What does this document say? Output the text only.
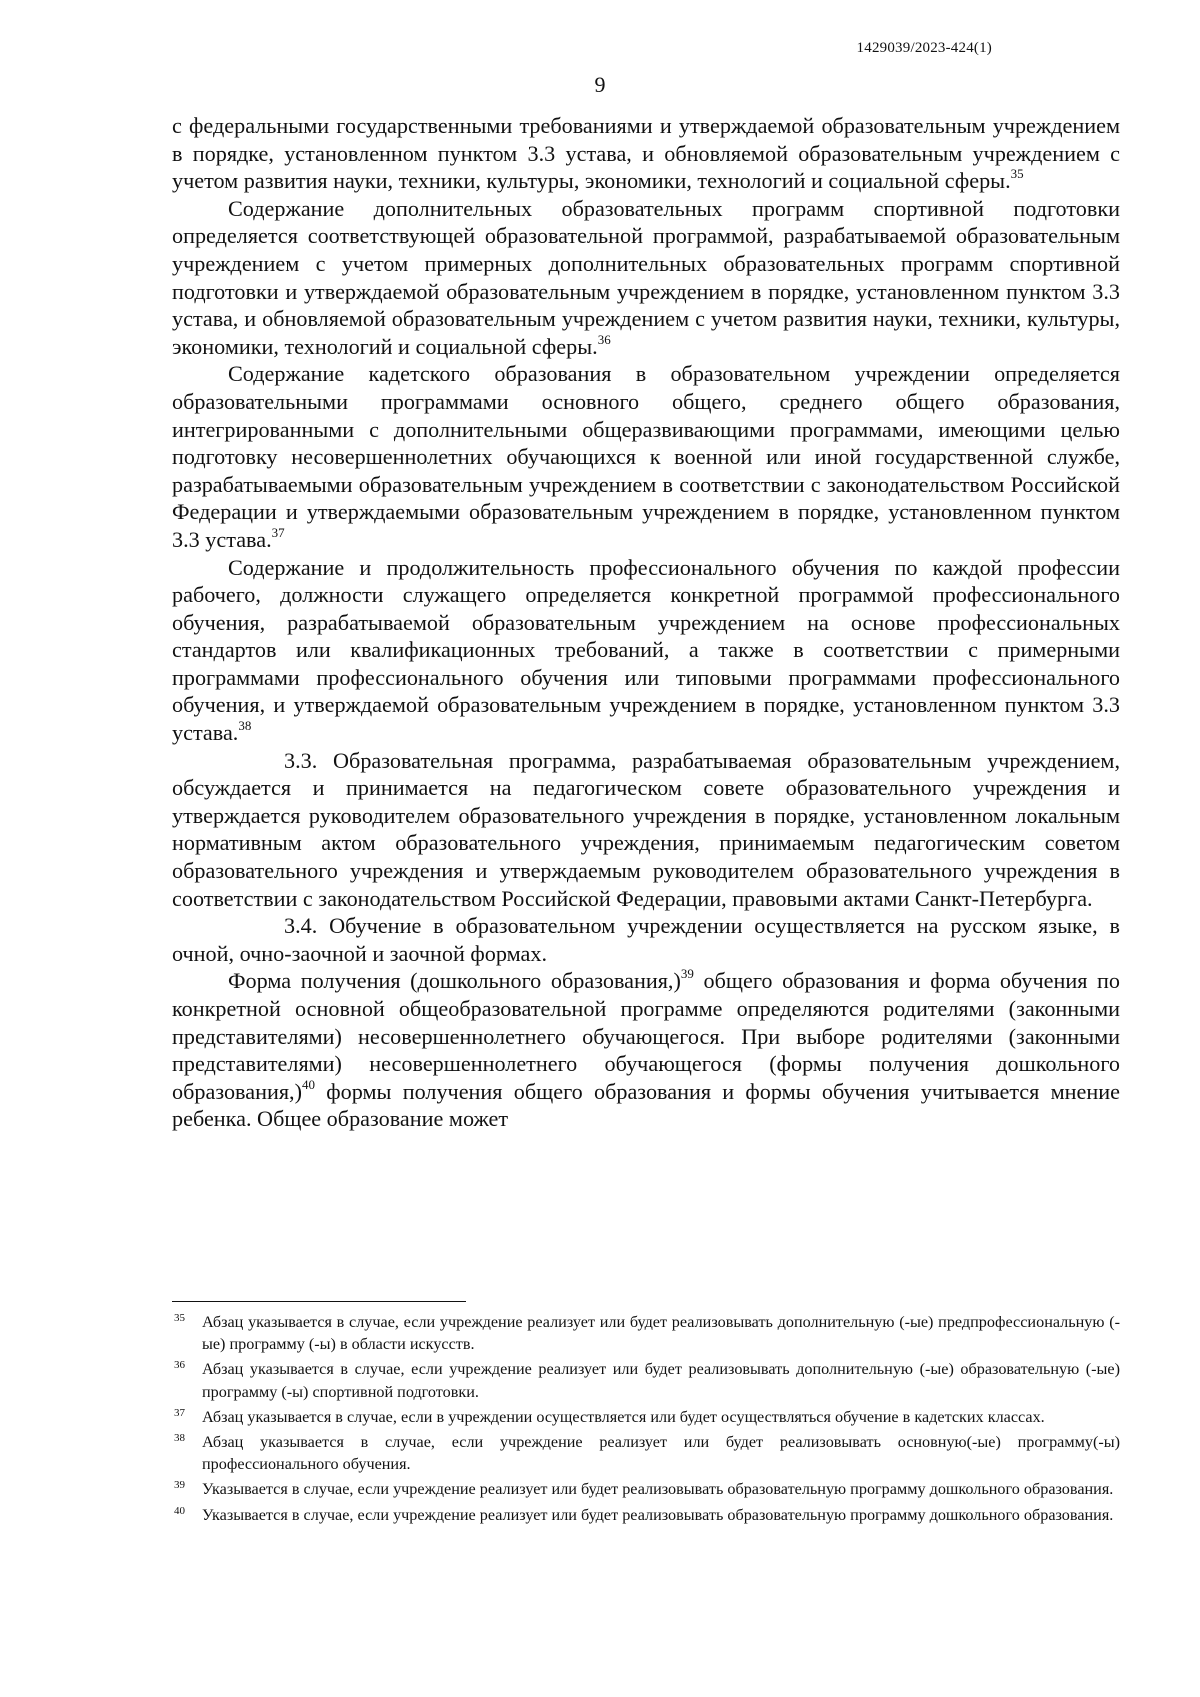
1429039/2023-424(1)
9

с федеральными государственными требованиями и утверждаемой образовательным учреждением в порядке, установленном пунктом 3.3 устава, и обновляемой образовательным учреждением с учетом развития науки, техники, культуры, экономики, технологий и социальной сферы.$^{35}$

Содержание дополнительных образовательных программ спортивной подготовки определяется соответствующей образовательной программой, разрабатываемой образовательным учреждением с учетом примерных дополнительных образовательных программ спортивной подготовки и утверждаемой образовательным учреждением в порядке, установленном пунктом 3.3 устава, и обновляемой образовательным учреждением с учетом развития науки, техники, культуры, экономики, технологий и социальной сферы.$^{36}$

Содержание кадетского образования в образовательном учреждении определяется образовательными программами основного общего, среднего общего образования, интегрированными с дополнительными общеразвивающими программами, имеющими целью подготовку несовершеннолетних обучающихся к военной или иной государственной службе, разрабатываемыми образовательным учреждением в соответствии с законодательством Российской Федерации и утверждаемыми образовательным учреждением в порядке, установленном пунктом 3.3 устава.$^{37}$

Содержание и продолжительность профессионального обучения по каждой профессии рабочего, должности служащего определяется конкретной программой профессионального обучения, разрабатываемой образовательным учреждением на основе профессиональных стандартов или квалификационных требований, а также в соответствии с примерными программами профессионального обучения или типовыми программами профессионального обучения, и утверждаемой образовательным учреждением в порядке, установленном пунктом 3.3 устава.$^{38}$

3.3. Образовательная программа, разрабатываемая образовательным учреждением, обсуждается и принимается на педагогическом совете образовательного учреждения и утверждается руководителем образовательного учреждения в порядке, установленном локальным нормативным актом образовательного учреждения, принимаемым педагогическим советом образовательного учреждения и утверждаемым руководителем образовательного учреждения в соответствии с законодательством Российской Федерации, правовыми актами Санкт-Петербурга.

3.4. Обучение в образовательном учреждении осуществляется на русском языке, в очной, очно-заочной и заочной формах.

Форма получения (дошкольного образования,)$^{39}$ общего образования и форма обучения по конкретной основной общеобразовательной программе определяются родителями (законными представителями) несовершеннолетнего обучающегося. При выборе родителями (законными представителями) несовершеннолетнего обучающегося (формы получения дошкольного образования,)$^{40}$ формы получения общего образования и формы обучения учитывается мнение ребенка. Общее образование может

35 Абзац указывается в случае, если учреждение реализует или будет реализовывать дополнительную (-ые) предпрофессиональную (-ые) программу (-ы) в области искусств.
36 Абзац указывается в случае, если учреждение реализует или будет реализовывать дополнительную (-ые) образовательную (-ые) программу (-ы) спортивной подготовки.
37 Абзац указывается в случае, если в учреждении осуществляется или будет осуществляться обучение в кадетских классах.
38 Абзац указывается в случае, если учреждение реализует или будет реализовывать основную(-ые) программу(-ы) профессионального обучения.
39 Указывается в случае, если учреждение реализует или будет реализовывать образовательную программу дошкольного образования.
40 Указывается в случае, если учреждение реализует или будет реализовывать образовательную программу дошкольного образования.
